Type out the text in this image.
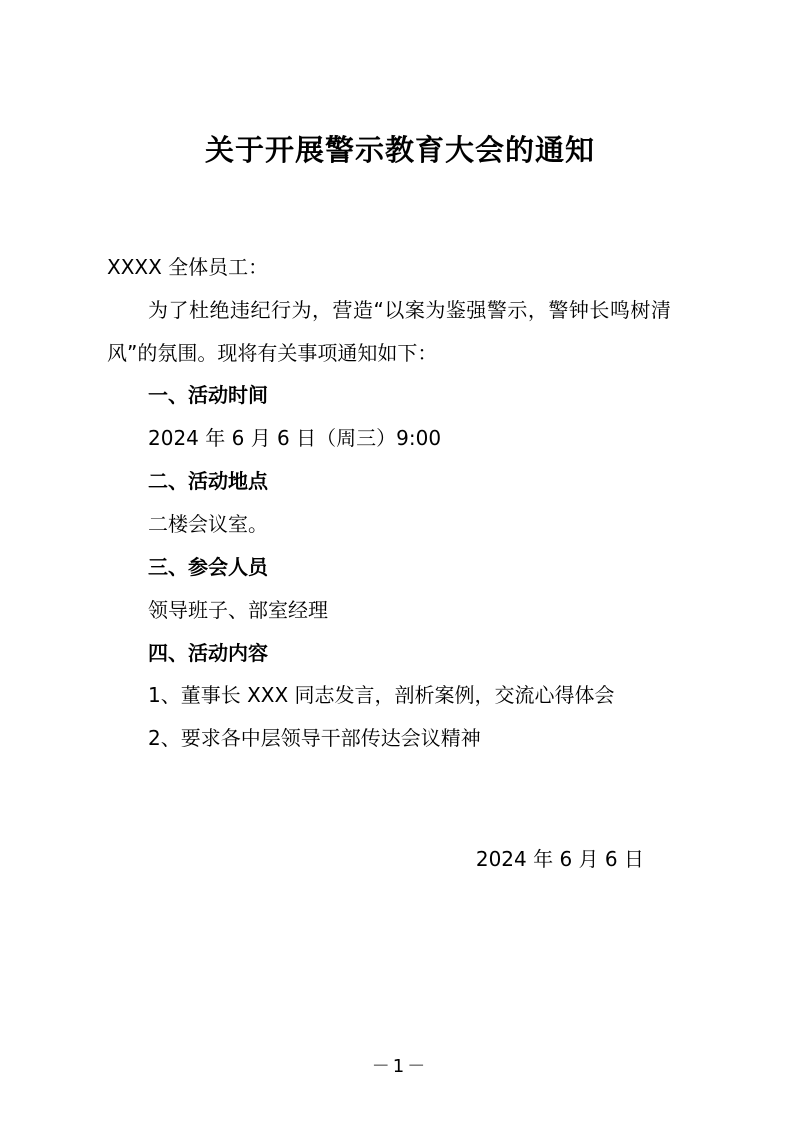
关于开展警示教育大会的通知
XXXX 全体员工：
为了杜绝违纪行为，营造“以案为鉴强警示，警钟长鸣树清
风”的氛围。现将有关事项通知如下：
一、活动时间
2024 年 6 月 6 日（周三）9:00
二、活动地点
二楼会议室。
三、参会人员
领导班子、部室经理
四、活动内容
1、董事长 XXX 同志发言，剖析案例，交流心得体会
2、要求各中层领导干部传达会议精神
2024 年 6 月 6 日
－1－
